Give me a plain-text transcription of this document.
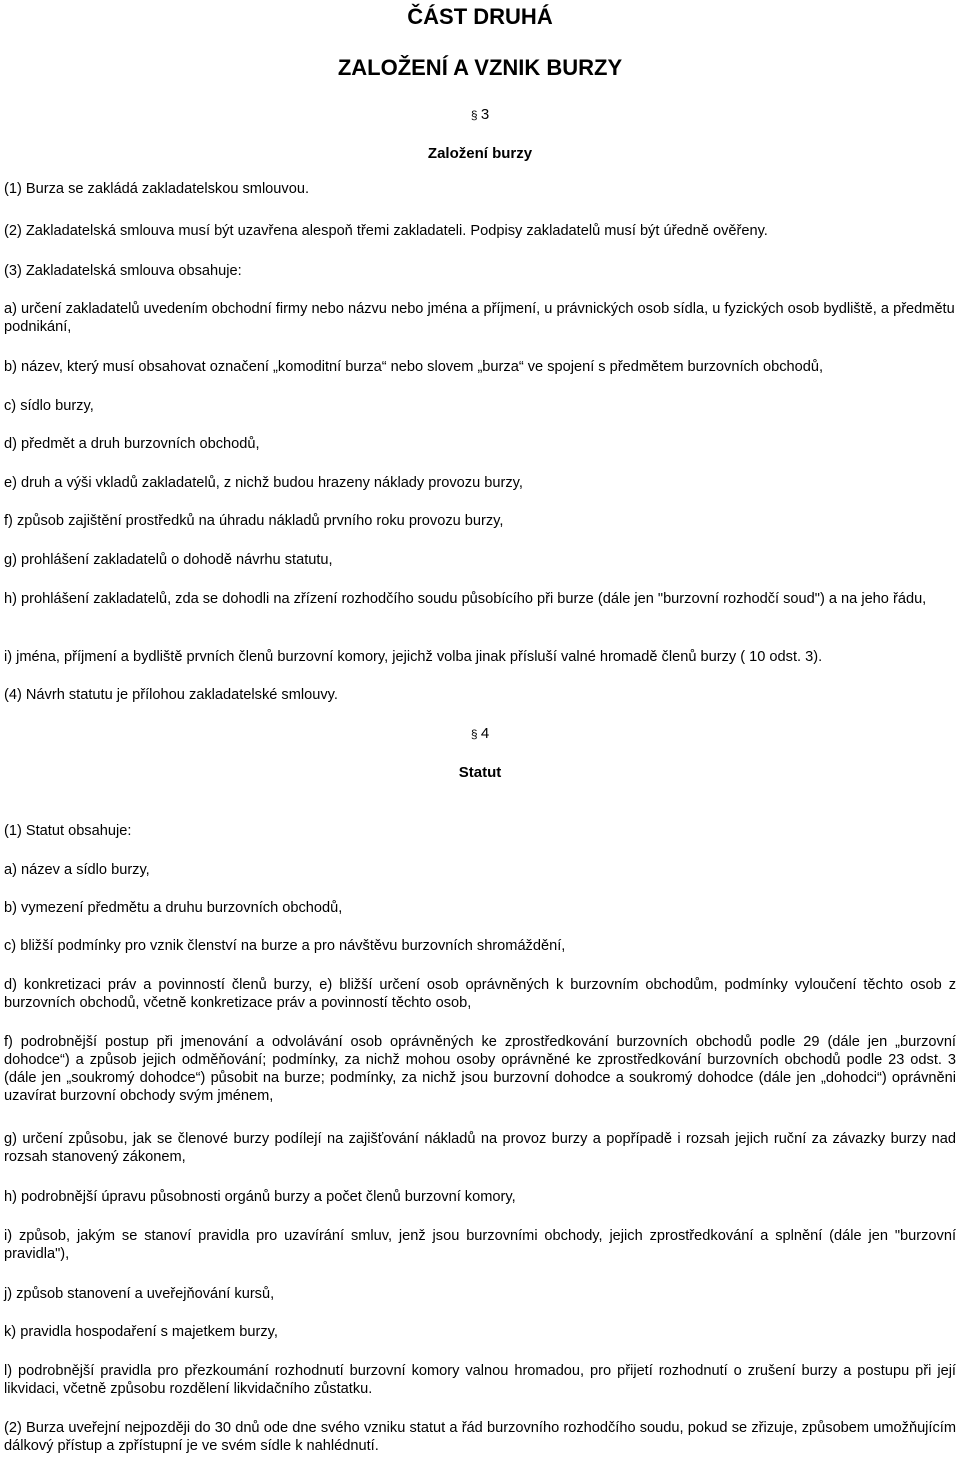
ČÁST DRUHÁ
ZALOŽENÍ A VZNIK BURZY
§ 3
Založení burzy

(1) Burza se zakládá zakladatelskou smlouvou.

(2) Zakladatelská smlouva musí být uzavřena alespoň třemi zakladateli. Podpisy zakladatelů musí být úředně ověřeny.

(3) Zakladatelská smlouva obsahuje:

a) určení zakladatelů uvedením obchodní firmy nebo názvu nebo jména a příjmení, u právnických osob sídla, u fyzických osob bydliště, a předmětu podnikání,

b) název, který musí obsahovat označení „komoditní burza“ nebo slovem „burza“ ve spojení s předmětem burzovních obchodů,

c) sídlo burzy,

d) předmět a druh burzovních obchodů,

e) druh a výši vkladů zakladatelů, z nichž budou hrazeny náklady provozu burzy,

f) způsob zajištění prostředků na úhradu nákladů prvního roku provozu burzy,

g) prohlášení zakladatelů o dohodě návrhu statutu,

h) prohlášení zakladatelů, zda se dohodli na zřízení rozhodčího soudu působícího při burze (dále jen "burzovní rozhodčí soud") a na jeho řádu,

i) jména, příjmení a bydliště prvních členů burzovní komory, jejichž volba jinak přísluší valné hromadě členů burzy ( 10 odst. 3).

(4) Návrh statutu je přílohou zakladatelské smlouvy.

§ 4
Statut

(1) Statut obsahuje:

a) název a sídlo burzy,

b) vymezení předmětu a druhu burzovních obchodů,

c) bližší podmínky pro vznik členství na burze a pro návštěvu burzovních shromáždění,

d) konkretizaci práv a povinností členů burzy, e) bližší určení osob oprávněných k burzovním obchodům, podmínky vyloučení těchto osob z burzovních obchodů, včetně konkretizace práv a povinností těchto osob,

f) podrobnější postup při jmenování a odvolávání osob oprávněných ke zprostředkování burzovních obchodů podle 29 (dále jen „burzovní dohodce“) a způsob jejich odměňování; podmínky, za nichž mohou osoby oprávněné ke zprostředkování burzovních obchodů podle 23 odst. 3 (dále jen „soukromý dohodce“) působit na burze; podmínky, za nichž jsou burzovní dohodce a soukromý dohodce (dále jen „dohodci“) oprávněni uzavírat burzovní obchody svým jménem,

g) určení způsobu, jak se členové burzy podílejí na zajišťování nákladů na provoz burzy a popřípadě i rozsah jejich ruční za závazky burzy nad rozsah stanovený zákonem,

h) podrobnější úpravu působnosti orgánů burzy a počet členů burzovní komory,

i) způsob, jakým se stanoví pravidla pro uzavírání smluv, jenž jsou burzovními obchody, jejich zprostředkování a splnění (dále jen "burzovní pravidla"),

j) způsob stanovení a uveřejňování kursů,

k) pravidla hospodaření s majetkem burzy,

l) podrobnější pravidla pro přezkoumání rozhodnutí burzovní komory valnou hromadou, pro přijetí rozhodnutí o zrušení burzy a postupu při její likvidaci, včetně způsobu rozdělení likvidačního zůstatku.

(2) Burza uveřejní nejpozději do 30 dnů ode dne svého vzniku statut a řád burzovního rozhodčího soudu, pokud se zřizuje, způsobem umožňujícím dálkový přístup a zpřístupní je ve svém sídle k nahlédnutí.
